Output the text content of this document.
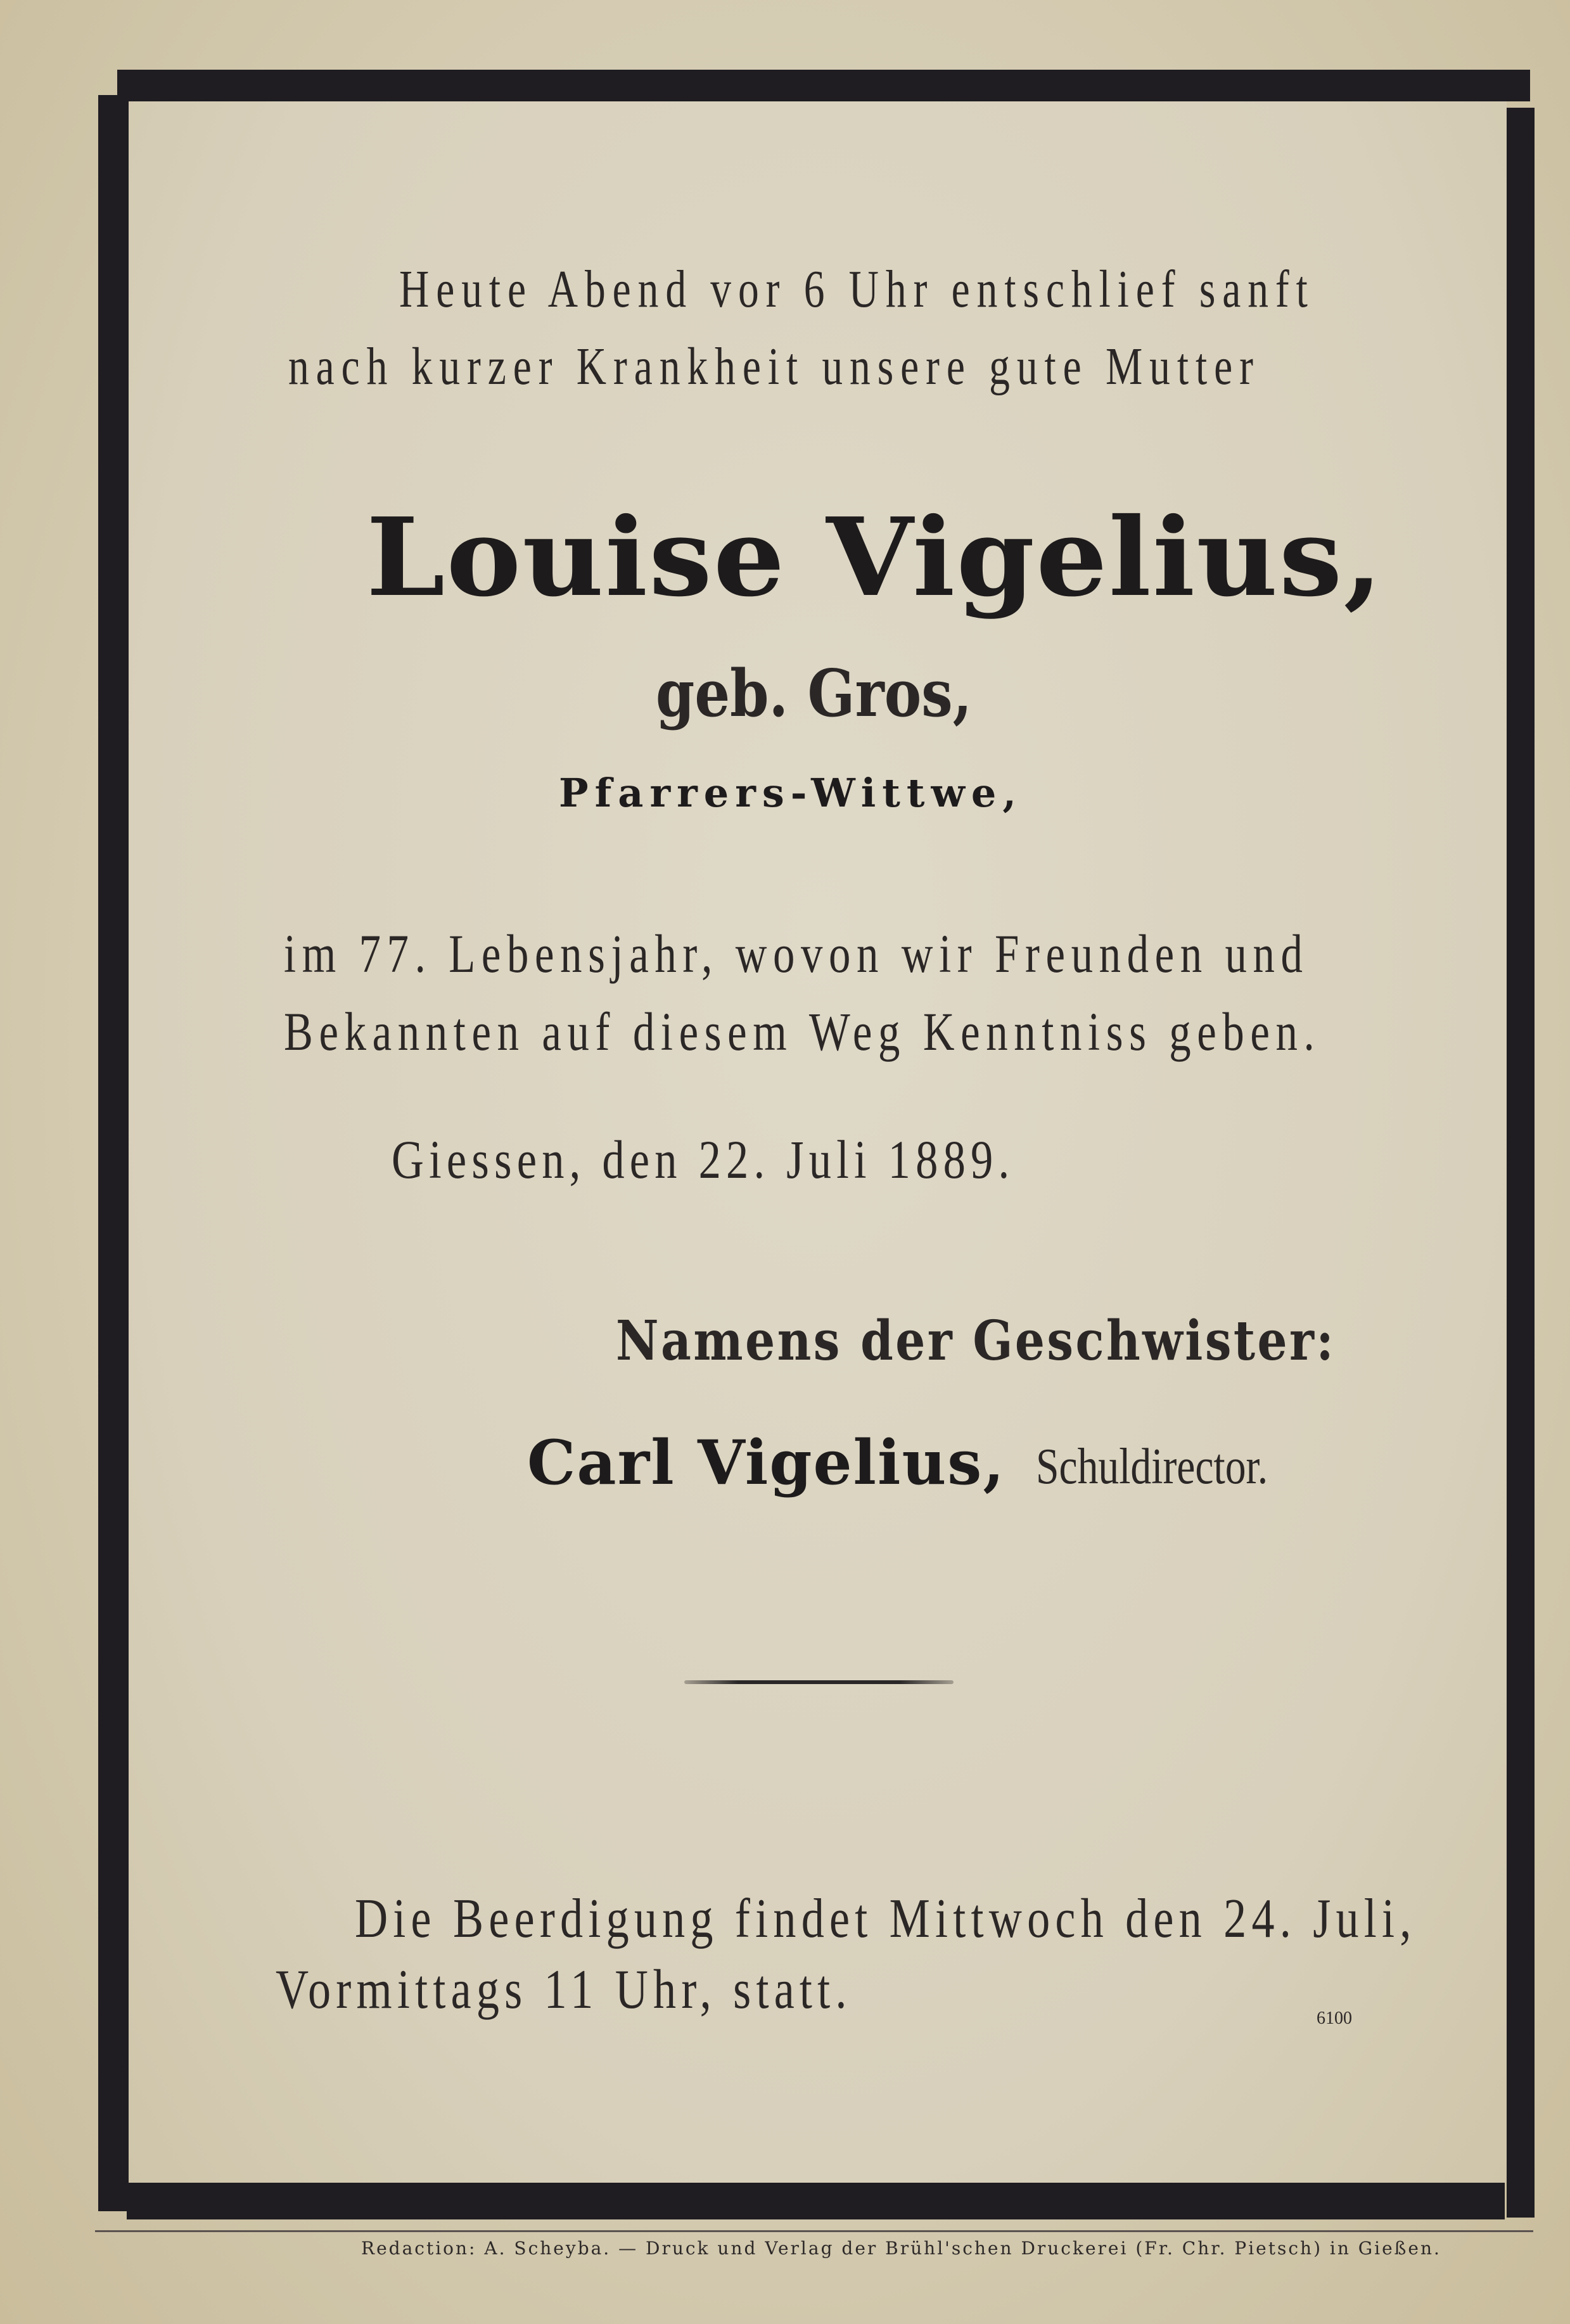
Heute Abend vor 6 Uhr entschlief sanft
nach kurzer Krankheit unsere gute Mutter
Louise Vigelius,
geb. Gros,
Pfarrers-Wittwe,
im 77. Lebensjahr, wovon wir Freunden und
Bekannten auf diesem Weg Kenntniss geben.
Giessen, den 22. Juli 1889.
Namens der Geschwister:
Carl Vigelius, Schuldirector.
Die Beerdigung findet Mittwoch den 24. Juli,
Vormittags 11 Uhr, statt.	6100
Redaction: A. Scheyba. — Druck und Verlag der Brühl'schen Druckerei (Fr. Chr. Pietsch) in Gießen.
